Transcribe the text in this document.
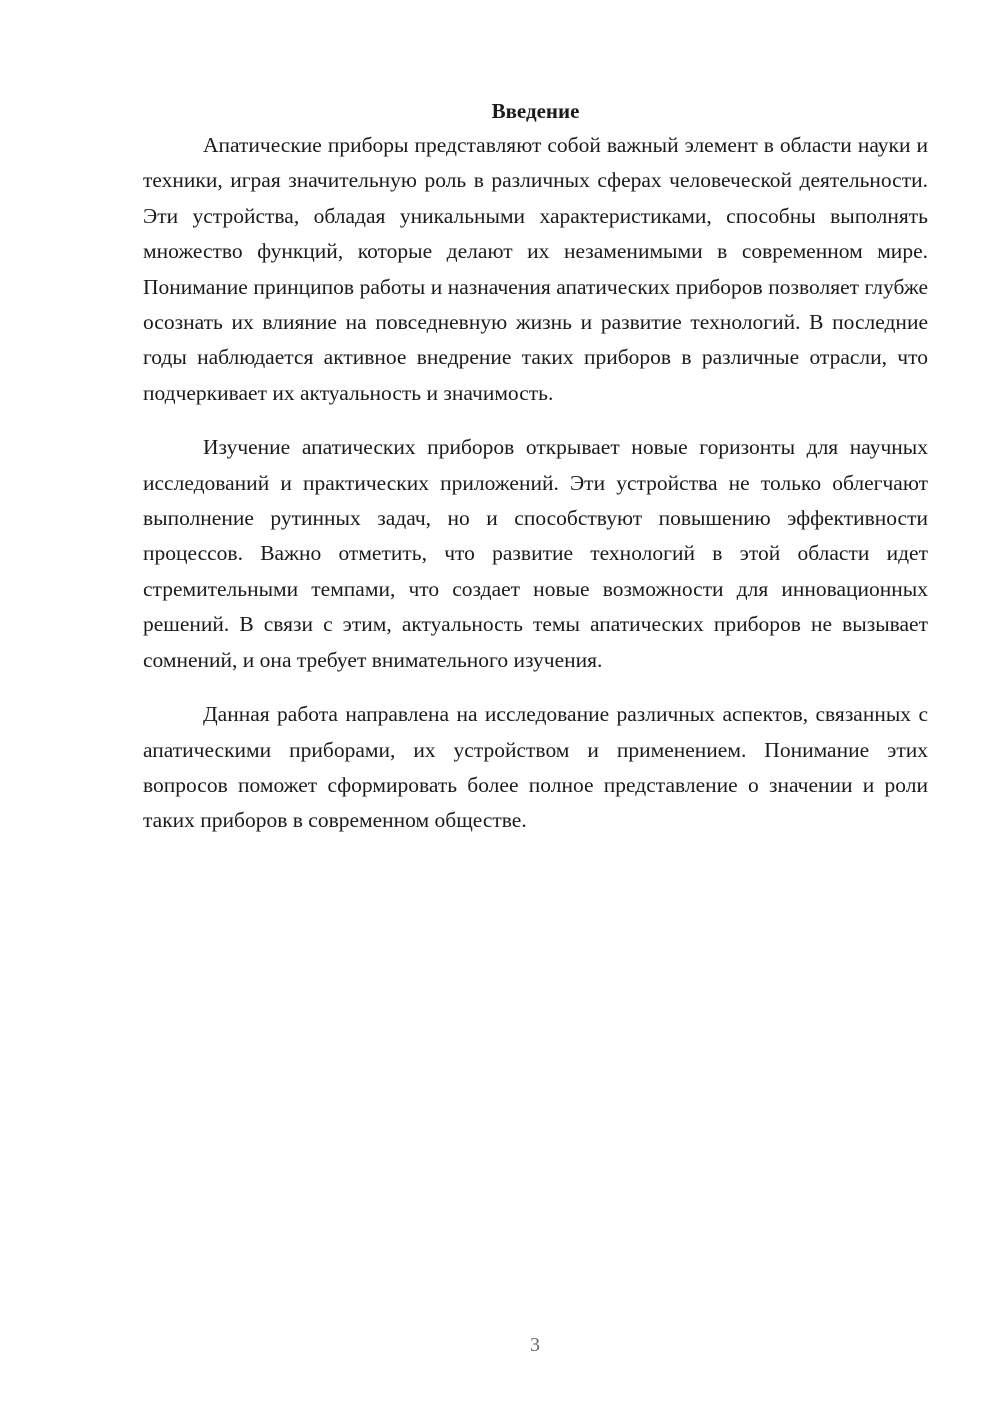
Введение

Апатические приборы представляют собой важный элемент в области науки и техники, играя значительную роль в различных сферах человеческой деятельности. Эти устройства, обладая уникальными характеристиками, способны выполнять множество функций, которые делают их незаменимыми в современном мире. Понимание принципов работы и назначения апатических приборов позволяет глубже осознать их влияние на повседневную жизнь и развитие технологий. В последние годы наблюдается активное внедрение таких приборов в различные отрасли, что подчеркивает их актуальность и значимость.

Изучение апатических приборов открывает новые горизонты для научных исследований и практических приложений. Эти устройства не только облегчают выполнение рутинных задач, но и способствуют повышению эффективности процессов. Важно отметить, что развитие технологий в этой области идет стремительными темпами, что создает новые возможности для инновационных решений. В связи с этим, актуальность темы апатических приборов не вызывает сомнений, и она требует внимательного изучения.

Данная работа направлена на исследование различных аспектов, связанных с апатическими приборами, их устройством и применением. Понимание этих вопросов поможет сформировать более полное представление о значении и роли таких приборов в современном обществе.

3
